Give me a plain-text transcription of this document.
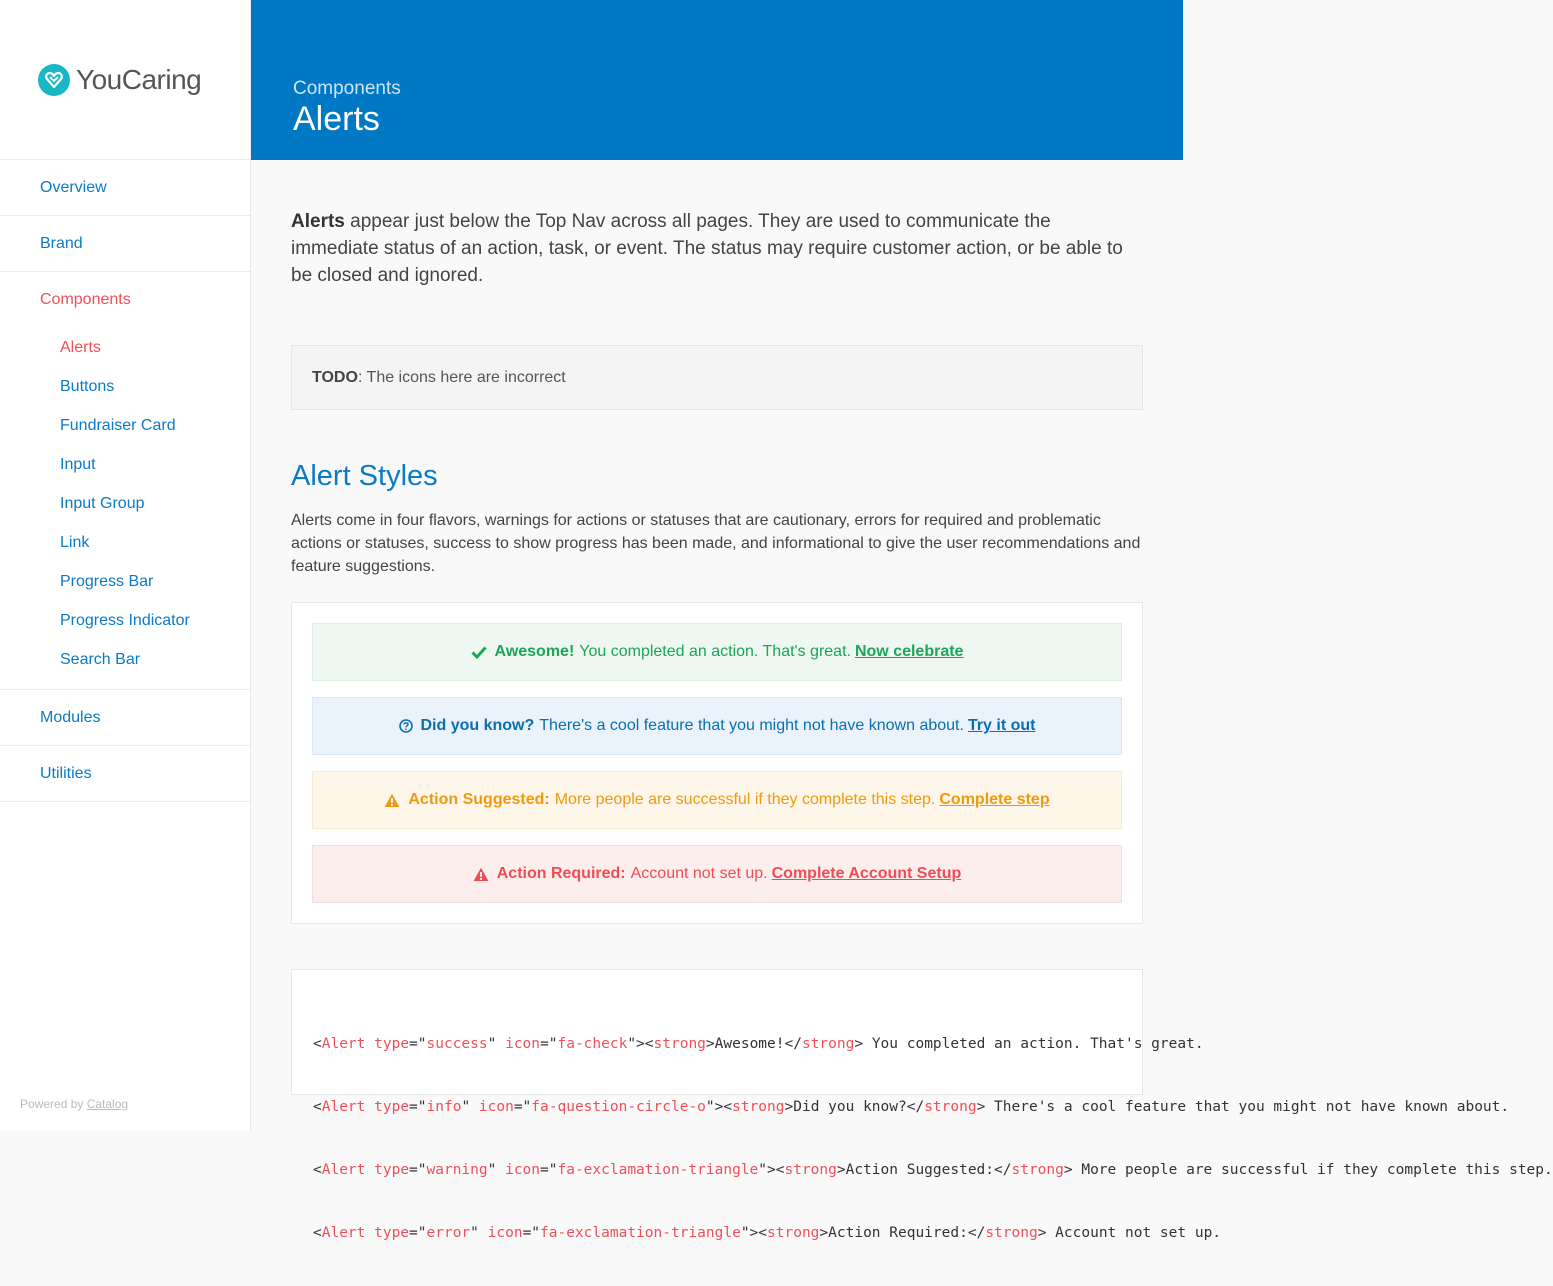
YouCaring
Overview
Brand
Components
Alerts
Buttons
Fundraiser Card
Input
Input Group
Link
Progress Bar
Progress Indicator
Search Bar
Modules
Utilities
Powered by Catalog
Components
Alerts

Alerts appear just below the Top Nav across all pages. They are used to communicate the immediate status of an action, task, or event. The status may require customer action, or be able to be closed and ignored.

TODO : The icons here are incorrect
Alert Styles

Alerts come in four flavors, warnings for actions or statuses that are cautionary, errors for required and problematic actions or statuses, success to show progress has been made, and informational to give the user recommendations and feature suggestions.

Awesome! You completed an action. That's great. Now celebrate
Did you know? There's a cool feature that you might not have known about. Try it out
Action Suggested: More people are successful if they complete this step. Complete step
Action Required: Account not set up. Complete Account Setup

<Alert type="success" icon="fa-check"><strong>Awesome!</strong> You completed an action. That's great.

<Alert type="info" icon="fa-question-circle-o"><strong>Did you know?</strong> There's a cool feature that you might not have known about.

<Alert type="warning" icon="fa-exclamation-triangle"><strong>Action Suggested:</strong> More people are successful if they complete this step.

<Alert type="error" icon="fa-exclamation-triangle"><strong>Action Required:</strong> Account not set up.
